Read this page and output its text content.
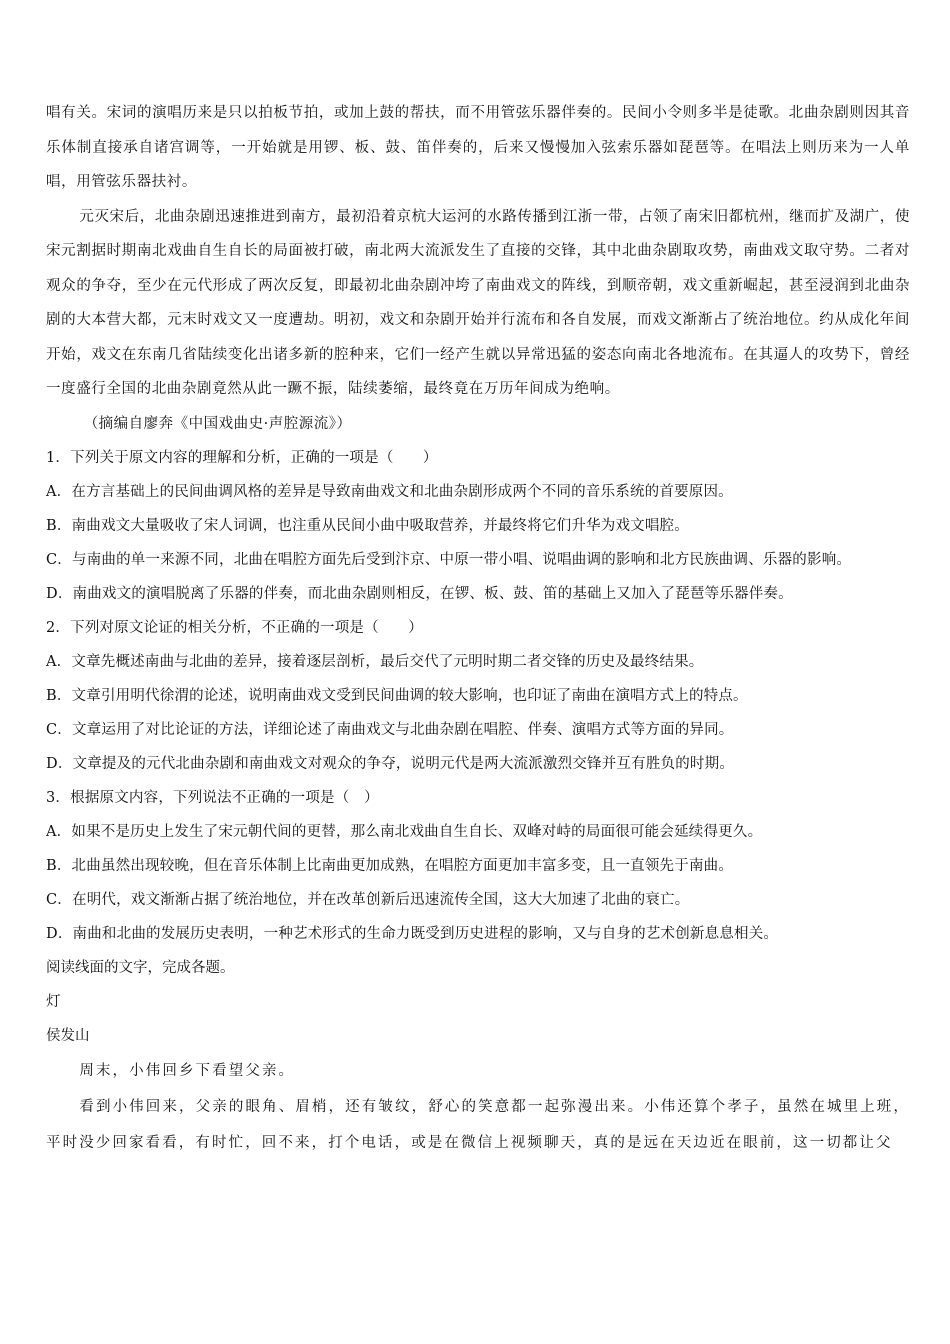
唱有关。宋词的演唱历来是只以拍板节拍，或加上鼓的帮扶，而不用管弦乐器伴奏的。民间小令则多半是徒歌。北曲杂剧则因其音乐体制直接承自诸宫调等，一开始就是用锣、板、鼓、笛伴奏的，后来又慢慢加入弦索乐器如琵琶等。在唱法上则历来为一人单唱，用管弦乐器扶衬。

元灭宋后，北曲杂剧迅速推进到南方，最初沿着京杭大运河的水路传播到江浙一带，占领了南宋旧都杭州，继而扩及湖广，使宋元割据时期南北戏曲自生自长的局面被打破，南北两大流派发生了直接的交锋，其中北曲杂剧取攻势，南曲戏文取守势。二者对观众的争夺，至少在元代形成了两次反复，即最初北曲杂剧冲垮了南曲戏文的阵线，到顺帝朝，戏文重新崛起，甚至浸润到北曲杂剧的大本营大都，元末时戏文又一度遭劫。明初，戏文和杂剧开始并行流布和各自发展，而戏文渐渐占了统治地位。约从成化年间开始，戏文在东南几省陆续变化出诸多新的腔种来，它们一经产生就以异常迅猛的姿态向南北各地流布。在其逼人的攻势下，曾经一度盛行全国的北曲杂剧竟然从此一蹶不振，陆续萎缩，最终竟在万历年间成为绝响。

（摘编自廖奔《中国戏曲史·声腔源流》）

1．下列关于原文内容的理解和分析，正确的一项是（　　）

A．在方言基础上的民间曲调风格的差异是导致南曲戏文和北曲杂剧形成两个不同的音乐系统的首要原因。

B．南曲戏文大量吸收了宋人词调，也注重从民间小曲中吸取营养，并最终将它们升华为戏文唱腔。

C．与南曲的单一来源不同，北曲在唱腔方面先后受到汴京、中原一带小唱、说唱曲调的影响和北方民族曲调、乐器的影响。

D．南曲戏文的演唱脱离了乐器的伴奏，而北曲杂剧则相反，在锣、板、鼓、笛的基础上又加入了琵琶等乐器伴奏。

2．下列对原文论证的相关分析，不正确的一项是（　　）

A．文章先概述南曲与北曲的差异，接着逐层剖析，最后交代了元明时期二者交锋的历史及最终结果。

B．文章引用明代徐渭的论述，说明南曲戏文受到民间曲调的较大影响，也印证了南曲在演唱方式上的特点。

C．文章运用了对比论证的方法，详细论述了南曲戏文与北曲杂剧在唱腔、伴奏、演唱方式等方面的异同。

D．文章提及的元代北曲杂剧和南曲戏文对观众的争夺，说明元代是两大流派激烈交锋并互有胜负的时期。

3．根据原文内容，下列说法不正确的一项是（　）

A．如果不是历史上发生了宋元朝代间的更替，那么南北戏曲自生自长、双峰对峙的局面很可能会延续得更久。

B．北曲虽然出现较晚，但在音乐体制上比南曲更加成熟，在唱腔方面更加丰富多变，且一直领先于南曲。

C．在明代，戏文渐渐占据了统治地位，并在改革创新后迅速流传全国，这大大加速了北曲的衰亡。

D．南曲和北曲的发展历史表明，一种艺术形式的生命力既受到历史进程的影响，又与自身的艺术创新息息相关。

阅读线面的文字，完成各题。

灯

侯发山

周末，小伟回乡下看望父亲。

看到小伟回来，父亲的眼角、眉梢，还有皱纹，舒心的笑意都一起弥漫出来。小伟还算个孝子，虽然在城里上班，平时没少回家看看，有时忙，回不来，打个电话，或是在微信上视频聊天，真的是远在天边近在眼前，这一切都让父
